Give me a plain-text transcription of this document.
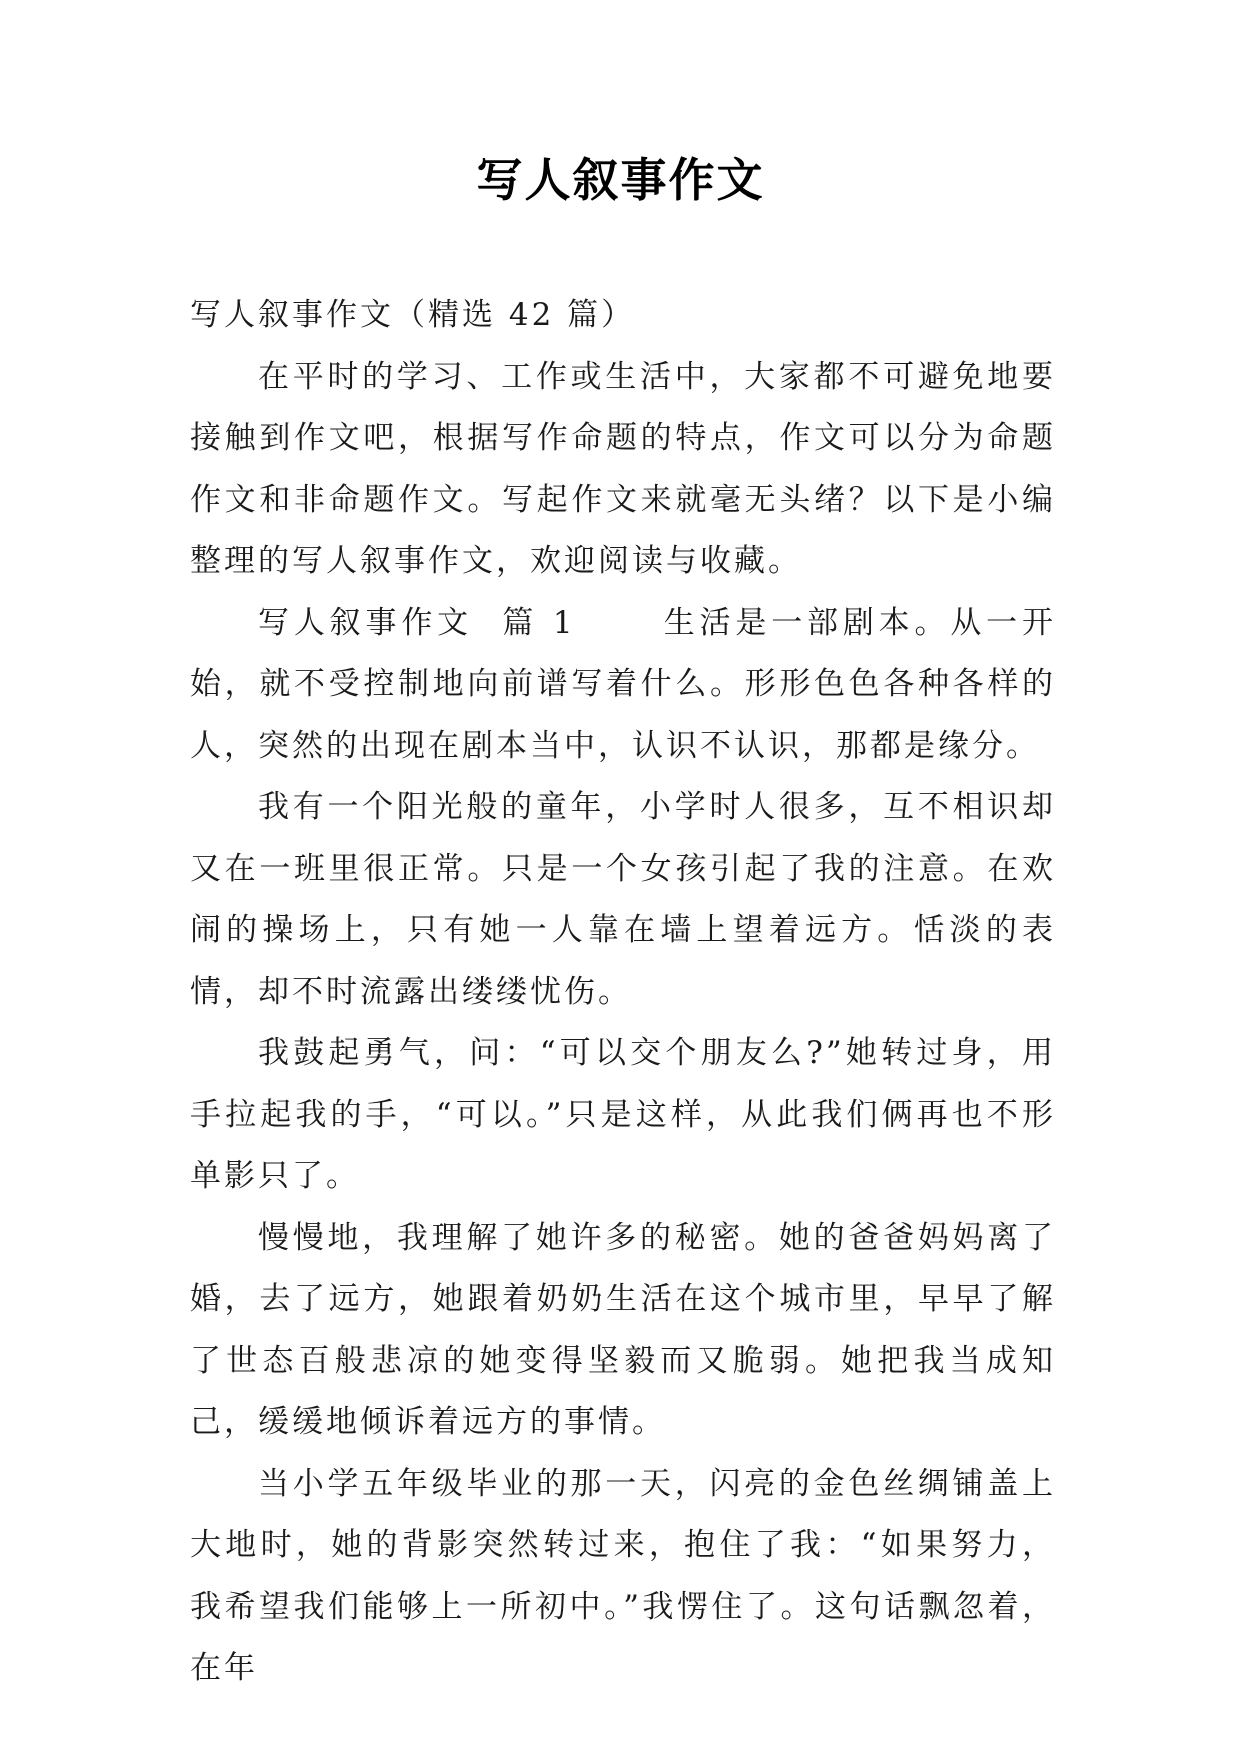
写人叙事作文

写人叙事作文（精选 42 篇）

在平时的学习、工作或生活中，大家都不可避免地要接触到作文吧，根据写作命题的特点，作文可以分为命题作文和非命题作文。写起作文来就毫无头绪？以下是小编整理的写人叙事作文，欢迎阅读与收藏。

写人叙事作文  篇 1	生活是一部剧本。从一开始，就不受控制地向前谱写着什么。形形色色各种各样的人，突然的出现在剧本当中，认识不认识，那都是缘分。

我有一个阳光般的童年，小学时人很多，互不相识却又在一班里很正常。只是一个女孩引起了我的注意。在欢闹的操场上，只有她一人靠在墙上望着远方。恬淡的表情，却不时流露出缕缕忧伤。

我鼓起勇气，问：“可以交个朋友么?”她转过身，用手拉起我的手，“可以。”只是这样，从此我们俩再也不形单影只了。

慢慢地，我理解了她许多的秘密。她的爸爸妈妈离了婚，去了远方，她跟着奶奶生活在这个城市里，早早了解了世态百般悲凉的她变得坚毅而又脆弱。她把我当成知己，缓缓地倾诉着远方的事情。

当小学五年级毕业的那一天，闪亮的金色丝绸铺盖上大地时，她的背影突然转过来，抱住了我：“如果努力，我希望我们能够上一所初中。”我愣住了。这句话飘忽着，在年
